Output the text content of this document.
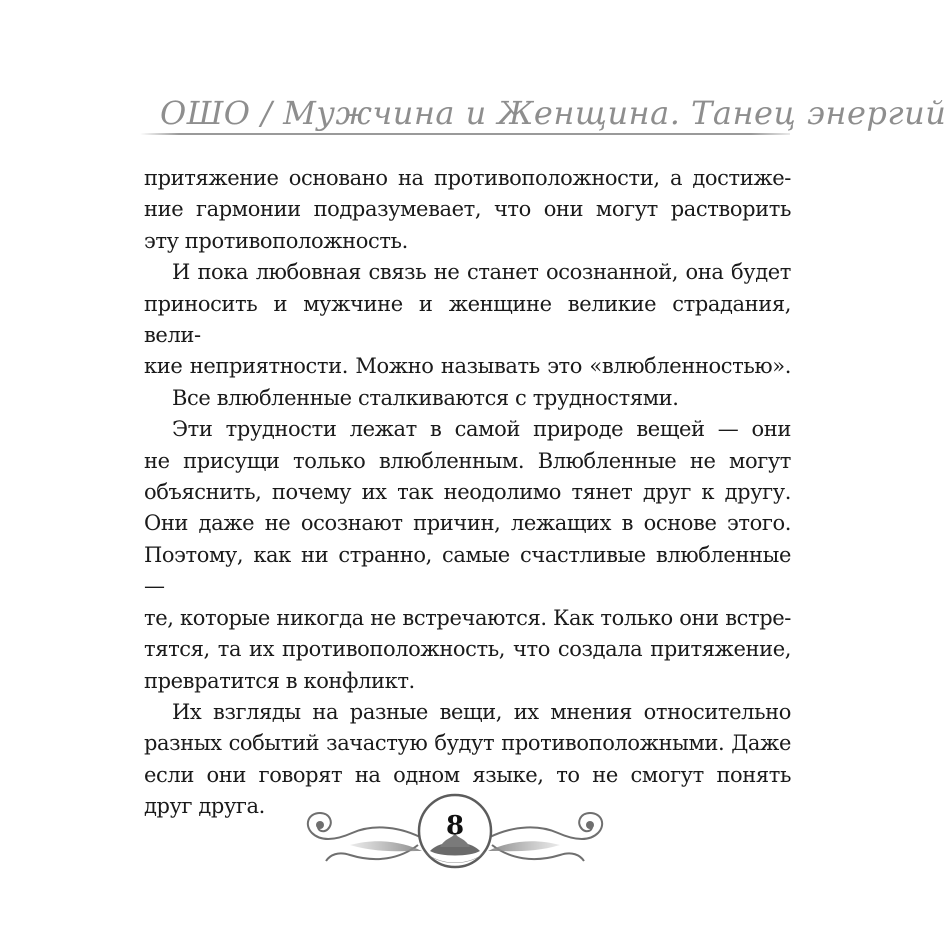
ОШО / Мужчина и Женщина. Танец энергий

притяжение основано на противоположности, а достиже-

ние гармонии подразумевает, что они могут растворить

эту противоположность.

И пока любовная связь не станет осознанной, она будет

приносить и мужчине и женщине великие страдания, вели-

кие неприятности. Можно называть это «влюбленностью».

Все влюбленные сталкиваются с трудностями.

Эти трудности лежат в самой природе вещей — они

не присущи только влюбленным. Влюбленные не могут

объяснить, почему их так неодолимо тянет друг к другу.

Они даже не осознают причин, лежащих в основе этого.

Поэтому, как ни странно, самые счастливые влюбленные —

те, которые никогда не встречаются. Как только они встре-

тятся, та их противоположность, что создала притяжение,

превратится в конфликт.

Их взгляды на разные вещи, их мнения относительно

разных событий зачастую будут противоположными. Даже

если они говорят на одном языке, то не смогут понять

друг друга.

8
